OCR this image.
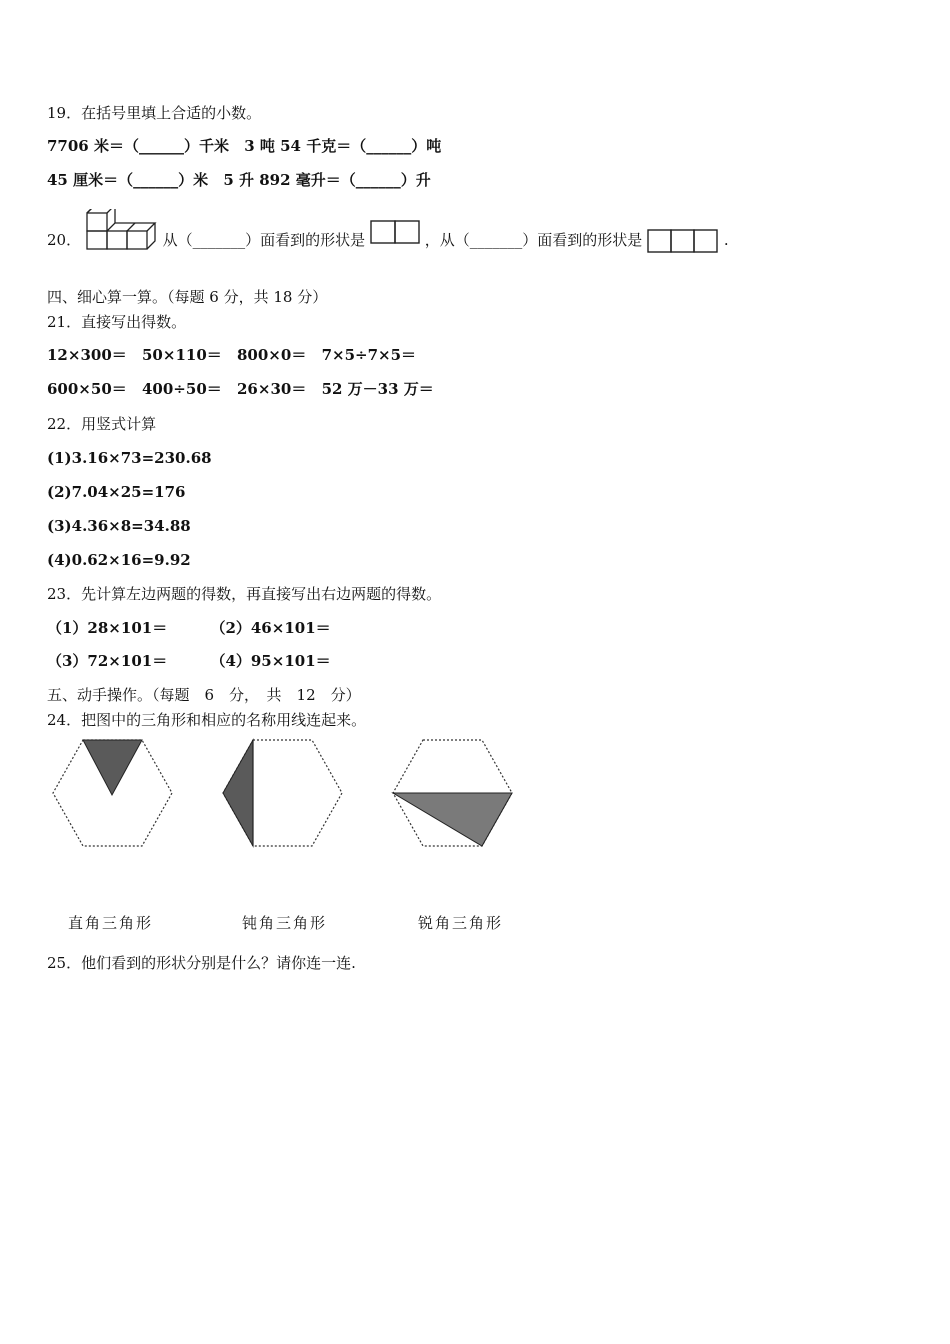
19．在括号里填上合适的小数。
7706 米＝（______）千米 3 吨 54 千克＝（______）吨
45 厘米＝（______）米 5 升 892 毫升＝（______）升
20．	从（_______）面看到的形状是	，从（_______）面看到的形状是	.
四、细心算一算。（每题 6 分，共 18 分）
21．直接写出得数。
12×300＝ 50×110＝ 800×0＝ 7×5÷7×5＝
600×50＝ 400÷50＝ 26×30＝ 52 万－33 万＝
22．用竖式计算
(1)3.16×73=230.68
(2)7.04×25=176
(3)4.36×8=34.88
(4)0.62×16=9.92
23．先计算左边两题的得数，再直接写出右边两题的得数。
（1）28×101＝	（2）46×101＝
（3）72×101＝	（4）95×101＝
五、动手操作。（每题　6　分，　共　12　分）
24．把图中的三角形和相应的名称用线连起来。
直角三角形	钝角三角形	锐角三角形
25．他们看到的形状分别是什么？请你连一连.
